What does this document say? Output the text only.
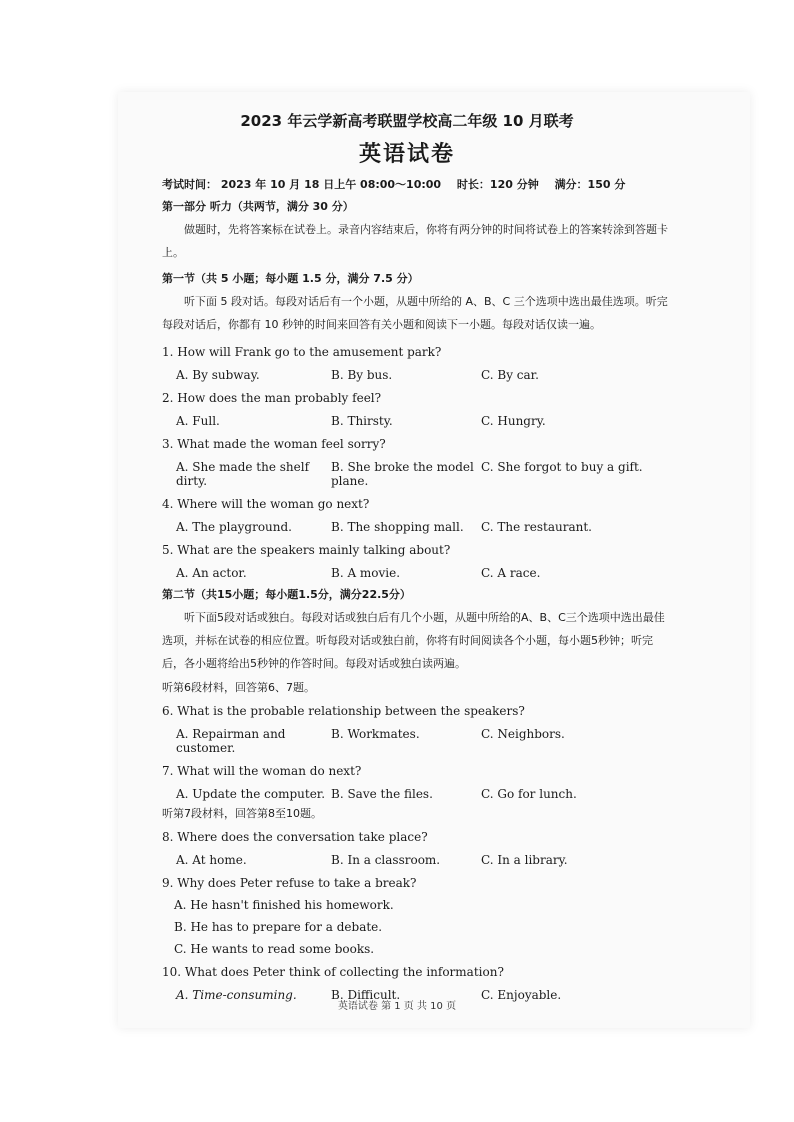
2023 年云学新高考联盟学校高二年级 10 月联考
英语试卷
考试时间： 2023 年 10 月 18 日上午 08:00～10:00 时长：120 分钟 满分：150 分
第一部分 听力（共两节，满分 30 分）
做题时，先将答案标在试卷上。录音内容结束后，你将有两分钟的时间将试卷上的答案转涂到答题卡上。
第一节（共 5 小题；每小题 1.5 分，满分 7.5 分）
听下面 5 段对话。每段对话后有一个小题，从题中所给的 A、B、C 三个选项中选出最佳选项。听完每段对话后，你都有 10 秒钟的时间来回答有关小题和阅读下一小题。每段对话仅读一遍。
1. How will Frank go to the amusement park?
A. By subway.	B. By bus.	C. By car.
2. How does the man probably feel?
A. Full.	B. Thirsty.	C. Hungry.
3. What made the woman feel sorry?
A. She made the shelf dirty.
B. She broke the model plane.
C. She forgot to buy a gift.
4. Where will the woman go next?
A. The playground.	B. The shopping mall.	C. The restaurant.
5. What are the speakers mainly talking about?
A. An actor.	B. A movie.	C. A race.
第二节（共15小题；每小题1.5分，满分22.5分）
听下面5段对话或独白。每段对话或独白后有几个小题，从题中所给的A、B、C三个选项中选出最佳选项，并标在试卷的相应位置。听每段对话或独白前，你将有时间阅读各个小题，每小题5秒钟；听完后，各小题将给出5秒钟的作答时间。每段对话或独白读两遍。
听第6段材料，回答第6、7题。
6. What is the probable relationship between the speakers?
A. Repairman and customer.
B. Workmates.	C. Neighbors.
7. What will the woman do next?
A. Update the computer. B. Save the files.	C. Go for lunch.
听第7段材料，回答第8至10题。
8. Where does the conversation take place?
A. At home.	B. In a classroom.	C. In a library.
9. Why does Peter refuse to take a break?
A. He hasn't finished his homework.
B. He has to prepare for a debate.
C. He wants to read some books.
10. What does Peter think of collecting the information?
A. Time-consuming.	B. Difficult.	C. Enjoyable.
英语试卷 第 1 页 共 10 页
